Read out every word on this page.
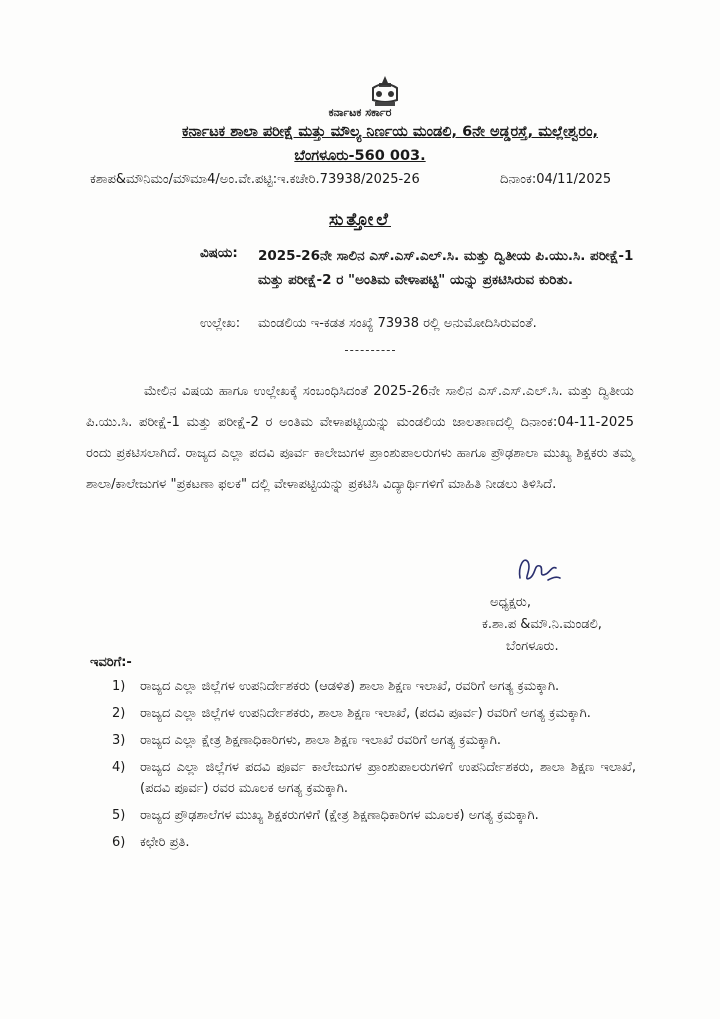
ಕರ್ನಾಟಕ ಸರ್ಕಾರ
ಕರ್ನಾಟಕ ಶಾಲಾ ಪರೀಕ್ಷೆ ಮತ್ತು ಮೌಲ್ಯ ನಿರ್ಣಯ ಮಂಡಲಿ, 6ನೇ ಅಡ್ಡರಸ್ತೆ, ಮಲ್ಲೇಶ್ವರಂ,
ಬೆಂಗಳೂರು-560 003.
ಕಶಾಪ&ಮೌನಿಮಂ/ಮೌಮಾ4/ಅಂ.ವೇ.ಪಟ್ಟಿ:ಇ.ಕಚೇರಿ.73938/2025-26	ದಿನಾಂಕ:04/11/2025
ಸುತ್ತೋಲೆ
ವಿಷಯ: 2025-26ನೇ ಸಾಲಿನ ಎಸ್.ಎಸ್.ಎಲ್.ಸಿ. ಮತ್ತು ದ್ವಿತೀಯ ಪಿ.ಯು.ಸಿ. ಪರೀಕ್ಷೆ-1 ಮತ್ತು ಪರೀಕ್ಷೆ-2 ರ "ಅಂತಿಮ ವೇಳಾಪಟ್ಟಿ" ಯನ್ನು ಪ್ರಕಟಿಸಿರುವ ಕುರಿತು.
ಉಲ್ಲೇಖ: ಮಂಡಲಿಯ ಇ-ಕಡತ ಸಂಖ್ಯೆ 73938 ರಲ್ಲಿ ಅನುಮೋದಿಸಿರುವಂತೆ.
ಮೇಲಿನ ವಿಷಯ ಹಾಗೂ ಉಲ್ಲೇಖಕ್ಕೆ ಸಂಬಂಧಿಸಿದಂತೆ 2025-26ನೇ ಸಾಲಿನ ಎಸ್.ಎಸ್.ಎಲ್.ಸಿ. ಮತ್ತು ದ್ವಿತೀಯ ಪಿ.ಯು.ಸಿ. ಪರೀಕ್ಷೆ-1 ಮತ್ತು ಪರೀಕ್ಷೆ-2 ರ ಅಂತಿಮ ವೇಳಾಪಟ್ಟಿಯನ್ನು ಮಂಡಲಿಯ ಜಾಲತಾಣದಲ್ಲಿ ದಿನಾಂಕ:04-11-2025 ರಂದು ಪ್ರಕಟಿಸಲಾಗಿದೆ. ರಾಜ್ಯದ ಎಲ್ಲಾ ಪದವಿ ಪೂರ್ವ ಕಾಲೇಜುಗಳ ಪ್ರಾಂಶುಪಾಲರುಗಳು ಹಾಗೂ ಪ್ರೌಢಶಾಲಾ ಮುಖ್ಯ ಶಿಕ್ಷಕರು ತಮ್ಮ ಶಾಲಾ/ಕಾಲೇಜುಗಳ "ಪ್ರಕಟಣಾ ಫಲಕ" ದಲ್ಲಿ ವೇಳಾಪಟ್ಟಿಯನ್ನು ಪ್ರಕಟಿಸಿ ವಿದ್ಯಾರ್ಥಿಗಳಿಗೆ ಮಾಹಿತಿ ನೀಡಲು ತಿಳಿಸಿದೆ.
ಅಧ್ಯಕ್ಷರು,
ಕ.ಶಾ.ಪ &ಮೌ.ನಿ.ಮಂಡಲಿ,
ಬೆಂಗಳೂರು.
ಇವರಿಗೆ:-
1) ರಾಜ್ಯದ ಎಲ್ಲಾ ಜಿಲ್ಲೆಗಳ ಉಪನಿರ್ದೇಶಕರು (ಆಡಳಿತ) ಶಾಲಾ ಶಿಕ್ಷಣ ಇಲಾಖೆ, ರವರಿಗೆ ಅಗತ್ಯ ಕ್ರಮಕ್ಕಾಗಿ.
2) ರಾಜ್ಯದ ಎಲ್ಲಾ ಜಿಲ್ಲೆಗಳ ಉಪನಿರ್ದೇಶಕರು, ಶಾಲಾ ಶಿಕ್ಷಣ ಇಲಾಖೆ, (ಪದವಿ ಪೂರ್ವ) ರವರಿಗೆ ಅಗತ್ಯ ಕ್ರಮಕ್ಕಾಗಿ.
3) ರಾಜ್ಯದ ಎಲ್ಲಾ ಕ್ಷೇತ್ರ ಶಿಕ್ಷಣಾಧಿಕಾರಿಗಳು, ಶಾಲಾ ಶಿಕ್ಷಣ ಇಲಾಖೆ ರವರಿಗೆ ಅಗತ್ಯ ಕ್ರಮಕ್ಕಾಗಿ.
4) ರಾಜ್ಯದ ಎಲ್ಲಾ ಜಿಲ್ಲೆಗಳ ಪದವಿ ಪೂರ್ವ ಕಾಲೇಜುಗಳ ಪ್ರಾಂಶುಪಾಲರುಗಳಿಗೆ ಉಪನಿರ್ದೇಶಕರು, ಶಾಲಾ ಶಿಕ್ಷಣ ಇಲಾಖೆ, (ಪದವಿ ಪೂರ್ವ) ರವರ ಮೂಲಕ ಅಗತ್ಯ ಕ್ರಮಕ್ಕಾಗಿ.
5) ರಾಜ್ಯದ ಪ್ರೌಢಶಾಲೆಗಳ ಮುಖ್ಯ ಶಿಕ್ಷಕರುಗಳಿಗೆ (ಕ್ಷೇತ್ರ ಶಿಕ್ಷಣಾಧಿಕಾರಿಗಳ ಮೂಲಕ) ಅಗತ್ಯ ಕ್ರಮಕ್ಕಾಗಿ.
6) ಕಛೇರಿ ಪ್ರತಿ.
